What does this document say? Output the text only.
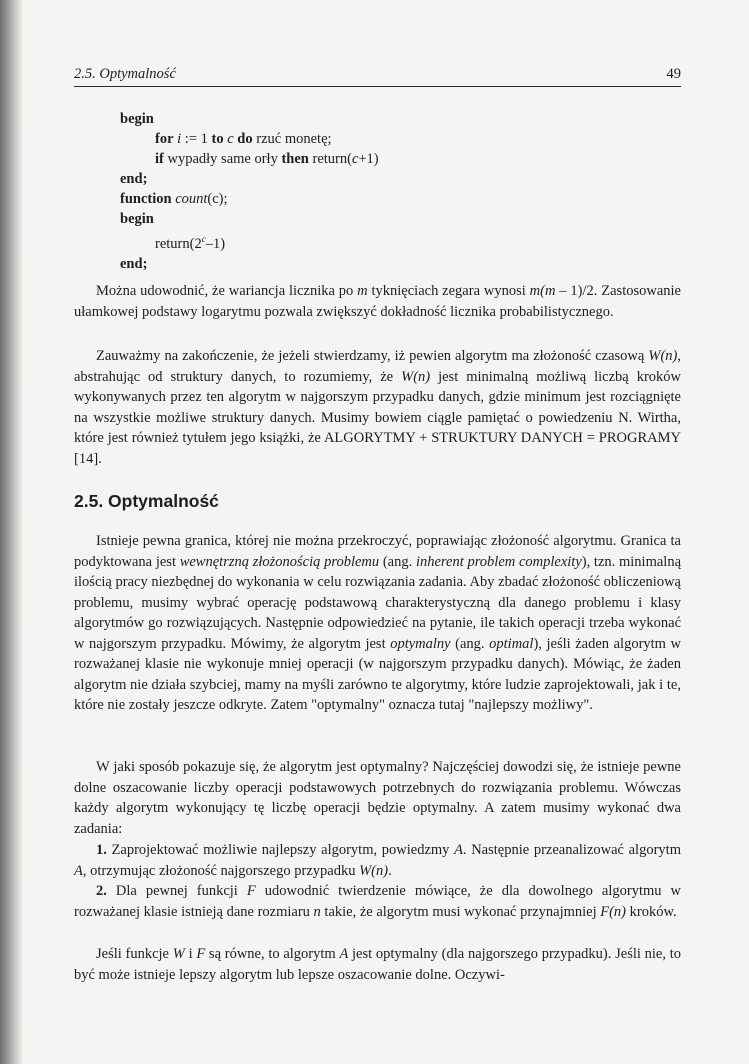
2.5. Optymalność	49
begin
for i := 1 to c do rzuć monetę;
if wypadły same orły then return(c+1)
end;
function count(c);
begin
return(2$^c$–1)
end;

Można udowodnić, że wariancja licznika po m tyknięciach zegara wynosi m(m – 1)/2. Zastosowanie ułamkowej podstawy logarytmu pozwala zwiększyć dokładność licznika probabilistycznego.

Zauważmy na zakończenie, że jeżeli stwierdzamy, iż pewien algorytm ma złożoność czasową W(n), abstrahując od struktury danych, to rozumiemy, że W(n) jest minimalną możliwą liczbą kroków wykonywanych przez ten algorytm w najgorszym przypadku danych, gdzie minimum jest rozciągnięte na wszystkie możliwe struktury danych. Musimy bowiem ciągle pamiętać o powiedzeniu N. Wirtha, które jest również tytułem jego książki, że ALGORYTMY + STRUKTURY DANYCH = PROGRAMY [14].

2.5. Optymalność

Istnieje pewna granica, której nie można przekroczyć, poprawiając złożoność algorytmu. Granica ta podyktowana jest wewnętrzną złożonością problemu (ang. inherent problem complexity), tzn. minimalną ilością pracy niezbędnej do wykonania w celu rozwiązania zadania. Aby zbadać złożoność obliczeniową problemu, musimy wybrać operację podstawową charakterystyczną dla danego problemu i klasy algorytmów go rozwiązujących. Następnie odpowiedzieć na pytanie, ile takich operacji trzeba wykonać w najgorszym przypadku. Mówimy, że algorytm jest optymalny (ang. optimal), jeśli żaden algorytm w rozważanej klasie nie wykonuje mniej operacji (w najgorszym przypadku danych). Mówiąc, że żaden algorytm nie działa szybciej, mamy na myśli zarówno te algorytmy, które ludzie zaprojektowali, jak i te, które nie zostały jeszcze odkryte. Zatem "optymalny" oznacza tutaj "najlepszy możliwy".

W jaki sposób pokazuje się, że algorytm jest optymalny? Najczęściej dowodzi się, że istnieje pewne dolne oszacowanie liczby operacji podstawowych potrzebnych do rozwiązania problemu. Wówczas każdy algorytm wykonujący tę liczbę operacji będzie optymalny. A zatem musimy wykonać dwa zadania:

1. Zaprojektować możliwie najlepszy algorytm, powiedzmy A. Następnie przeanalizować algorytm A, otrzymując złożoność najgorszego przypadku W(n).

2. Dla pewnej funkcji F udowodnić twierdzenie mówiące, że dla dowolnego algorytmu w rozważanej klasie istnieją dane rozmiaru n takie, że algorytm musi wykonać przynajmniej F(n) kroków.

Jeśli funkcje W i F są równe, to algorytm A jest optymalny (dla najgorszego przypadku). Jeśli nie, to być może istnieje lepszy algorytm lub lepsze oszacowanie dolne. Oczywi-
